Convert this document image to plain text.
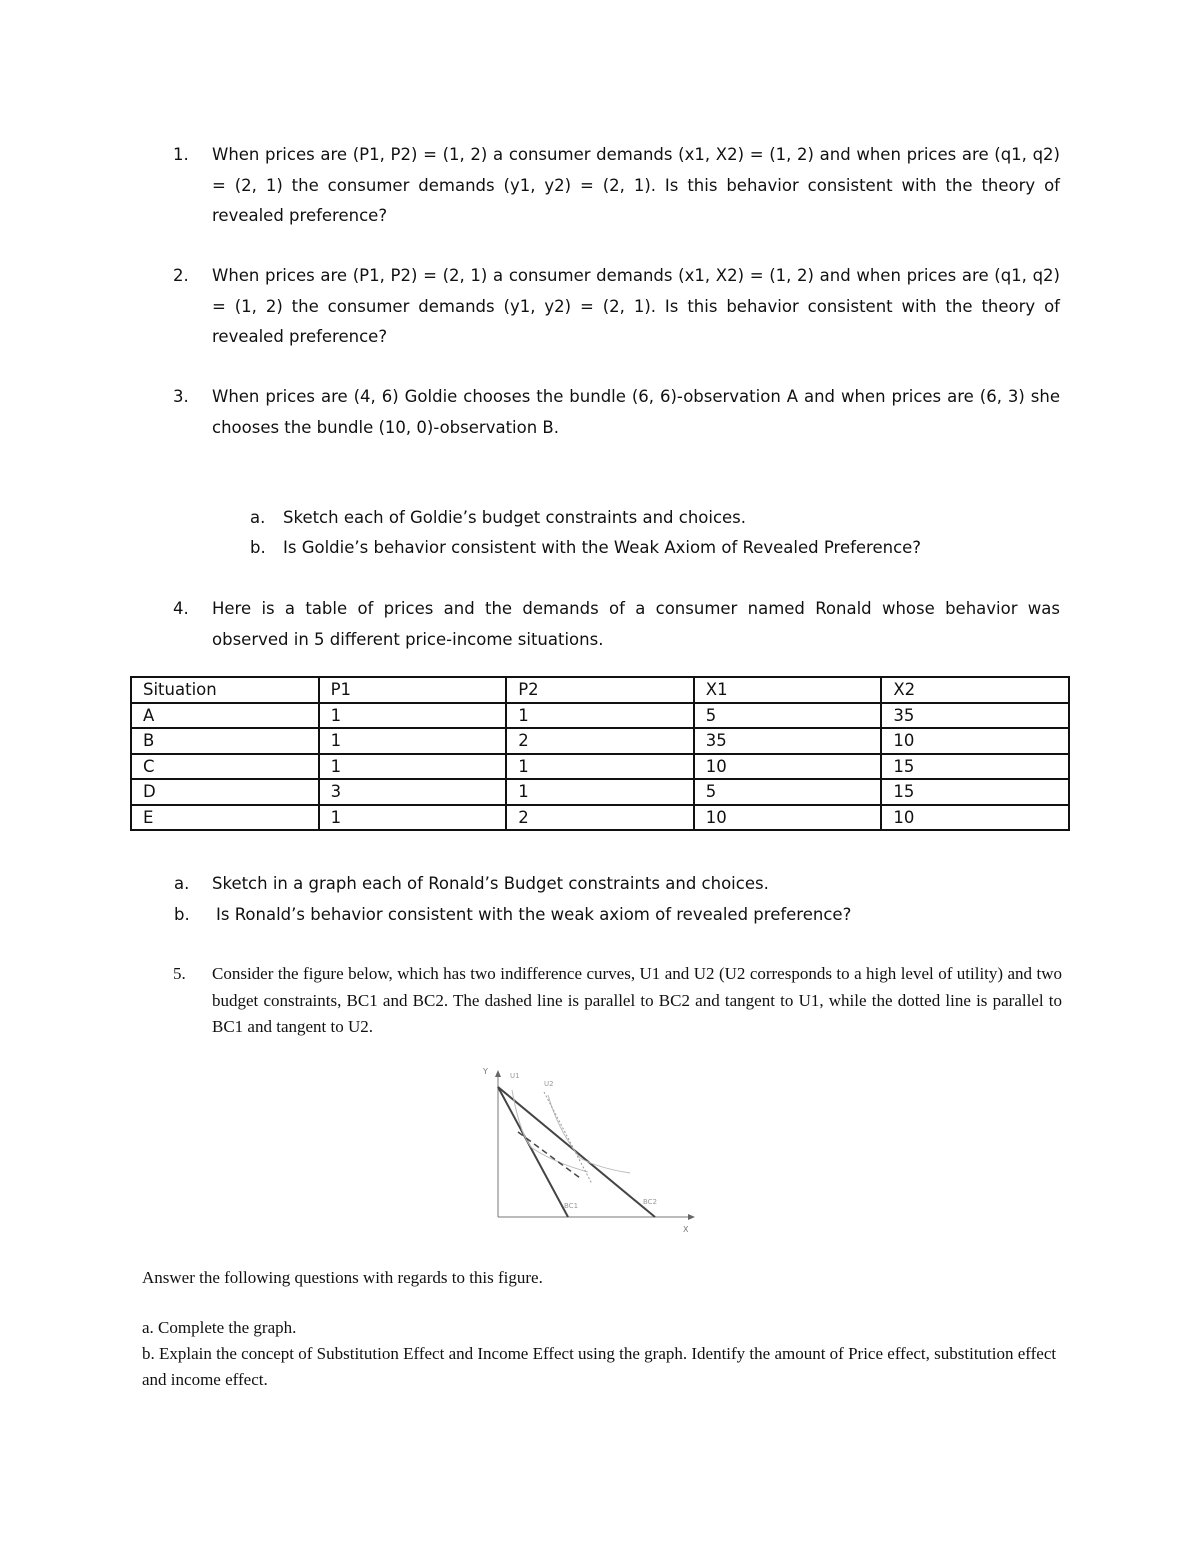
1. When prices are (P1, P2) = (1, 2) a consumer demands (x1, X2) = (1, 2) and when prices are (q1, q2) = (2, 1) the consumer demands (y1, y2) = (2, 1). Is this behavior consistent with the theory of revealed preference?
2. When prices are (P1, P2) = (2, 1) a consumer demands (x1, X2) = (1, 2) and when prices are (q1, q2) = (1, 2) the consumer demands (y1, y2) = (2, 1). Is this behavior consistent with the theory of revealed preference?
3. When prices are (4, 6) Goldie chooses the bundle (6, 6)-observation A and when prices are (6, 3) she chooses the bundle (10, 0)-observation B.
a. Sketch each of Goldie’s budget constraints and choices.
b. Is Goldie’s behavior consistent with the Weak Axiom of Revealed Preference?
4. Here is a table of prices and the demands of a consumer named Ronald whose behavior was observed in 5 different price-income situations.
Situation	P1	P2	X1	X2
A	1	1	5	35
B	1	2	35	10
C	1	1	10	15
D	3	1	5	15
E	1	2	10	10
a. Sketch in a graph each of Ronald’s Budget constraints and choices.
b. Is Ronald’s behavior consistent with the weak axiom of revealed preference?
5. Consider the figure below, which has two indifference curves, U1 and U2 (U2 corresponds to a high level of utility) and two budget constraints, BC1 and BC2. The dashed line is parallel to BC2 and tangent to U1, while the dotted line is parallel to BC1 and tangent to U2.
Y	U1
U2
BC1	BC2
X
Answer the following questions with regards to this figure.
a. Complete the graph.
b. Explain the concept of Substitution Effect and Income Effect using the graph. Identify the amount of Price effect, substitution effect and income effect.
